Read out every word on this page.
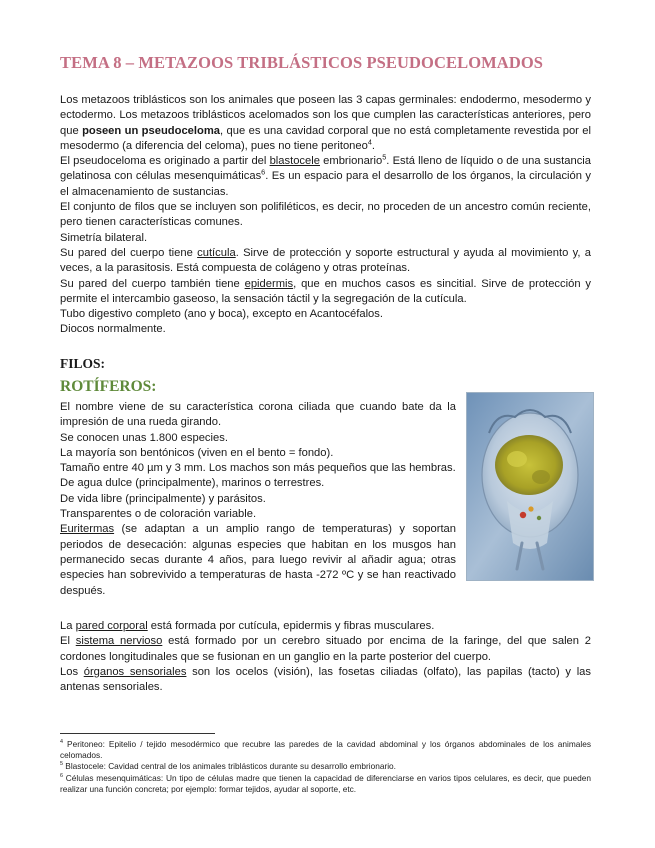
TEMA 8 – METAZOOS TRIBLÁSTICOS PSEUDOCELOMADOS

Los metazoos triblásticos son los animales que poseen las 3 capas germinales: endodermo, mesodermo y ectodermo. Los metazoos triblásticos acelomados son los que cumplen las características anteriores, pero que poseen un pseudoceloma, que es una cavidad corporal que no está completamente revestida por el mesodermo (a diferencia del celoma), pues no tiene peritoneo$^4$.

El pseudoceloma es originado a partir del blastocele embrionario$^5$. Está lleno de líquido o de una sustancia gelatinosa con células mesenquimáticas$^6$. Es un espacio para el desarrollo de los órganos, la circulación y el almacenamiento de sustancias.

El conjunto de filos que se incluyen son polifiléticos, es decir, no proceden de un ancestro común reciente, pero tienen características comunes.

Simetría bilateral.

Su pared del cuerpo tiene cutícula. Sirve de protección y soporte estructural y ayuda al movimiento y, a veces, a la parasitosis. Está compuesta de colágeno y otras proteínas.

Su pared del cuerpo también tiene epidermis, que en muchos casos es sincitial. Sirve de protección y permite el intercambio gaseoso, la sensación táctil y la segregación de la cutícula.

Tubo digestivo completo (ano y boca), excepto en Acantocéfalos.

Diocos normalmente.

FILOS:
ROTÍFEROS:

El nombre viene de su característica corona ciliada que cuando bate da la impresión de una rueda girando.

Se conocen unas 1.800 especies.

La mayoría son bentónicos (viven en el bento = fondo).

Tamaño entre 40 µm y 3 mm. Los machos son más pequeños que las hembras.

De agua dulce (principalmente), marinos o terrestres.

De vida libre (principalmente) y parásitos.

Transparentes o de coloración variable.

Euritermas (se adaptan a un amplio rango de temperaturas) y soportan periodos de desecación: algunas especies que habitan en los musgos han permanecido secas durante 4 años, para luego revivir al añadir agua; otras especies han sobrevivido a temperaturas de hasta -272 ºC y se han reactivado después.

La pared corporal está formada por cutícula, epidermis y fibras musculares.

El sistema nervioso está formado por un cerebro situado por encima de la faringe, del que salen 2 cordones longitudinales que se fusionan en un ganglio en la parte posterior del cuerpo.

Los órganos sensoriales son los ocelos (visión), las fosetas ciliadas (olfato), las papilas (tacto) y las antenas sensoriales.

$^4$ Peritoneo: Epitelio / tejido mesodérmico que recubre las paredes de la cavidad abdominal y los órganos abdominales de los animales celomados.

$^5$ Blastocele: Cavidad central de los animales triblásticos durante su desarrollo embrionario.

$^6$ Células mesenquimáticas: Un tipo de células madre que tienen la capacidad de diferenciarse en varios tipos celulares, es decir, que pueden realizar una función concreta; por ejemplo: formar tejidos, ayudar al soporte, etc.
